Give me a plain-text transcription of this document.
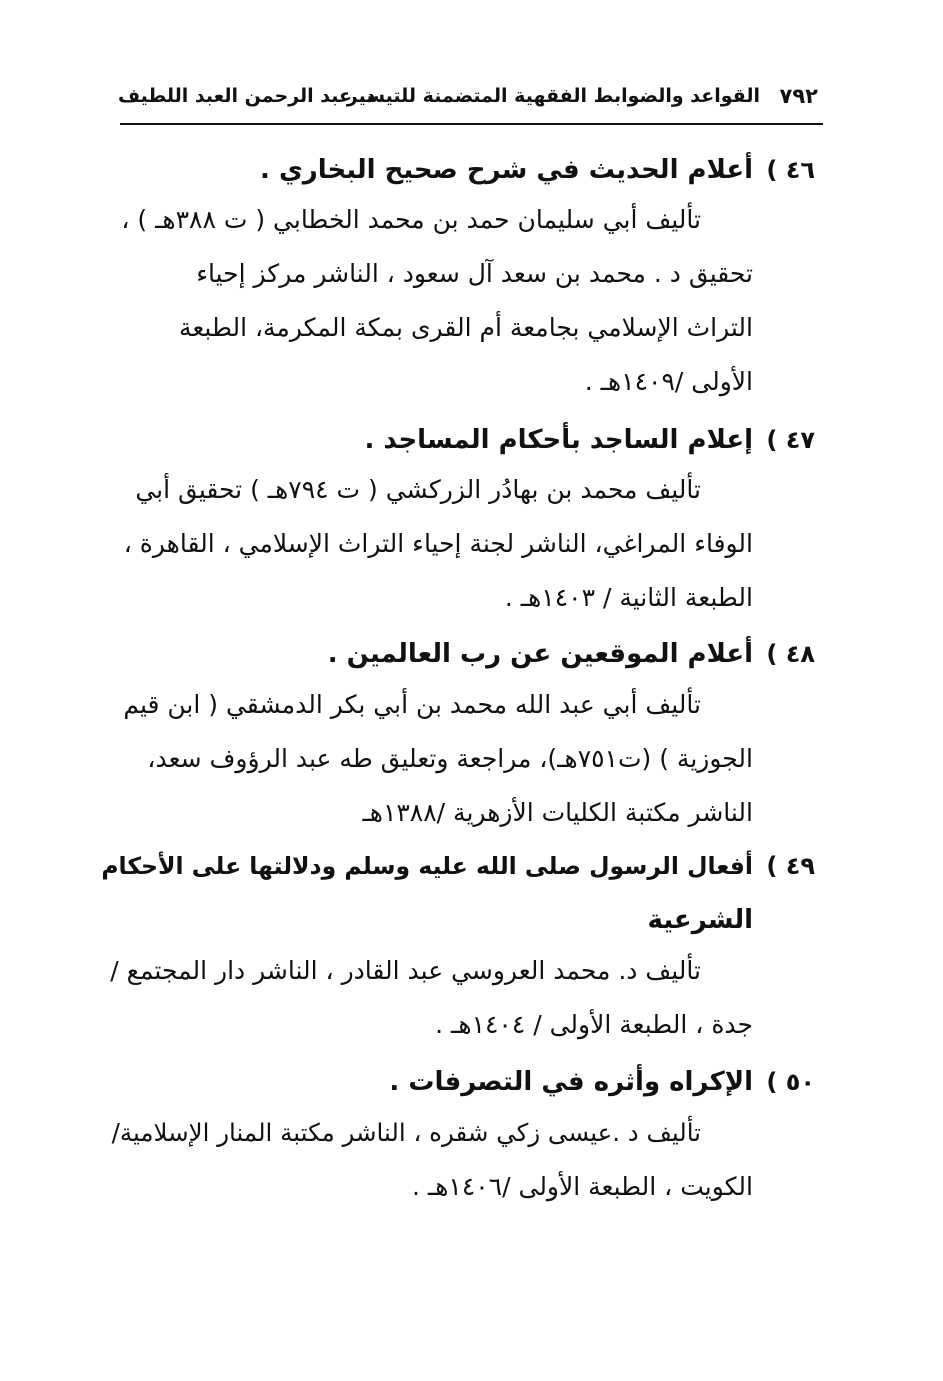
٧٩٢
القواعد والضوابط الفقهية المتضمنة للتيسير
د. عبد الرحمن العبد اللطيف
٤٦ )
أعلام الحديث في شرح صحيح البخاري .
تأليف أبي سليمان حمد بن محمد الخطابي ( ت ٣٨٨هـ ) ،
تحقيق د . محمد بن سعد آل سعود ، الناشر مركز إحياء
التراث الإسلامي بجامعة أم القرى بمكة المكرمة، الطبعة
الأولى /١٤٠٩هـ .
٤٧ )
إعلام الساجد بأحكام المساجد .
تأليف محمد بن بهادُر الزركشي ( ت ٧٩٤هـ ) تحقيق أبي
الوفاء المراغي، الناشر لجنة إحياء التراث الإسلامي ، القاهرة ،
الطبعة الثانية / ١٤٠٣هـ .
٤٨ )
أعلام الموقعين عن رب العالمين .
تأليف أبي عبد الله محمد بن أبي بكر الدمشقي ( ابن قيم
الجوزية ) (ت٧٥١هـ)، مراجعة وتعليق طه عبد الرؤوف سعد،
الناشر مكتبة الكليات الأزهرية /١٣٨٨هـ
٤٩ )
أفعال الرسول صلى الله عليه وسلم ودلالتها على الأحكام
الشرعية
تأليف د. محمد العروسي عبد القادر ، الناشر دار المجتمع /
جدة ، الطبعة الأولى / ١٤٠٤هـ .
٥٠ )
الإكراه وأثره في التصرفات .
تأليف د .عيسى زكي شقره ، الناشر مكتبة المنار الإسلامية/
الكويت ، الطبعة الأولى /١٤٠٦هـ .
